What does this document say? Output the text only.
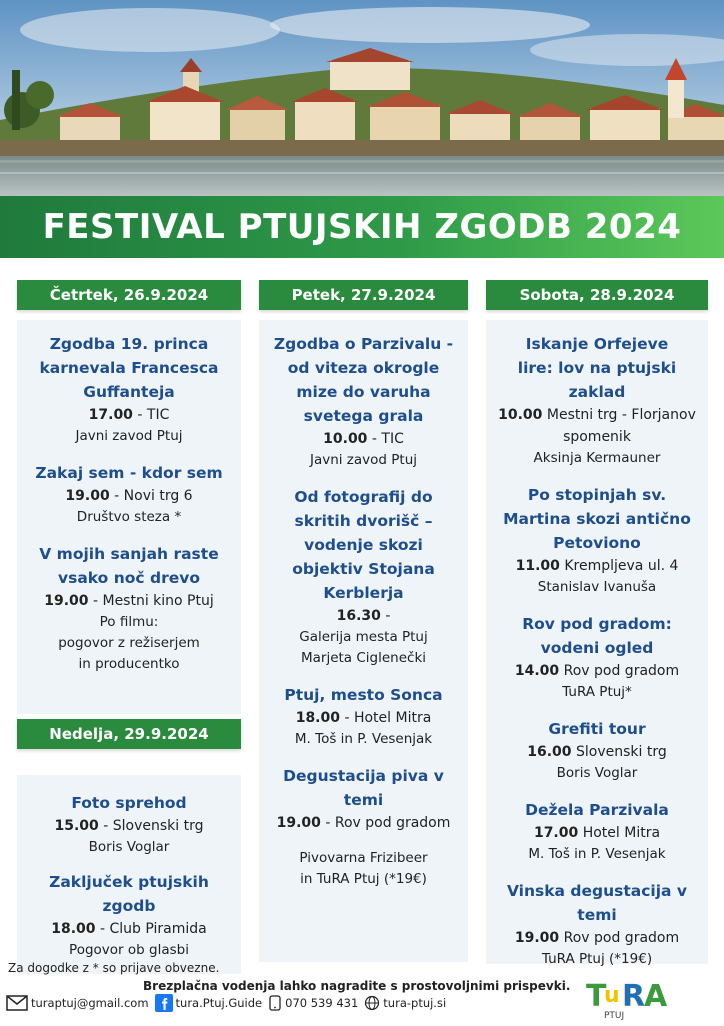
FESTIVAL PTUJSKIH ZGODB 2024
Četrtek, 26.9.2024
Zgodba 19. princa karnevala Francesca Guffanteja
17.00 - TIC
Javni zavod Ptuj
Zakaj sem - kdor sem
19.00 - Novi trg 6
Društvo steza *
V mojih sanjah raste vsako noč drevo
19.00 - Mestni kino Ptuj
Po filmu:
pogovor z režiserjem in producentko
Nedelja, 29.9.2024
Foto sprehod
15.00 - Slovenski trg
Boris Voglar
Zaključek ptujskih zgodb
18.00 - Club Piramida
Pogovor ob glasbi
Petek, 27.9.2024
Zgodba o Parzivalu - od viteza okrogle mize do varuha svetega grala
10.00 - TIC
Javni zavod Ptuj
Od fotografij do skritih dvorišč – vodenje skozi objektiv Stojana Kerblerja
16.30 -
Galerija mesta Ptuj
Marjeta Ciglenečki
Ptuj, mesto Sonca
18.00 - Hotel Mitra
M. Toš in P. Vesenjak
Degustacija piva v temi
19.00 - Rov pod gradom
Pivovarna Frizibeer
in TuRA Ptuj (*19€)
Sobota, 28.9.2024
Iskanje Orfejeve lire: lov na ptujski zaklad
10.00 Mestni trg - Florjanov spomenik
Aksinja Kermauner
Po stopinjah sv. Martina skozi antično Petoviono
11.00 Krempljeva ul. 4
Stanislav Ivanuša
Rov pod gradom: vodeni ogled
14.00 Rov pod gradom
TuRA Ptuj*
Grefiti tour
16.00 Slovenski trg
Boris Voglar
Dežela Parzivala
17.00 Hotel Mitra
M. Toš in P. Vesenjak
Vinska degustacija v temi
19.00 Rov pod gradom
TuRA Ptuj (*19€)
Za dogodke z * so prijave obvezne.
Brezplačna vodenja lahko nagradite s prostovoljnimi prispevki.
turaptuj@gmail.com tura.Ptuj.Guide 070 539 431 tura-ptuj.si	T
u R
A
PTUJ
